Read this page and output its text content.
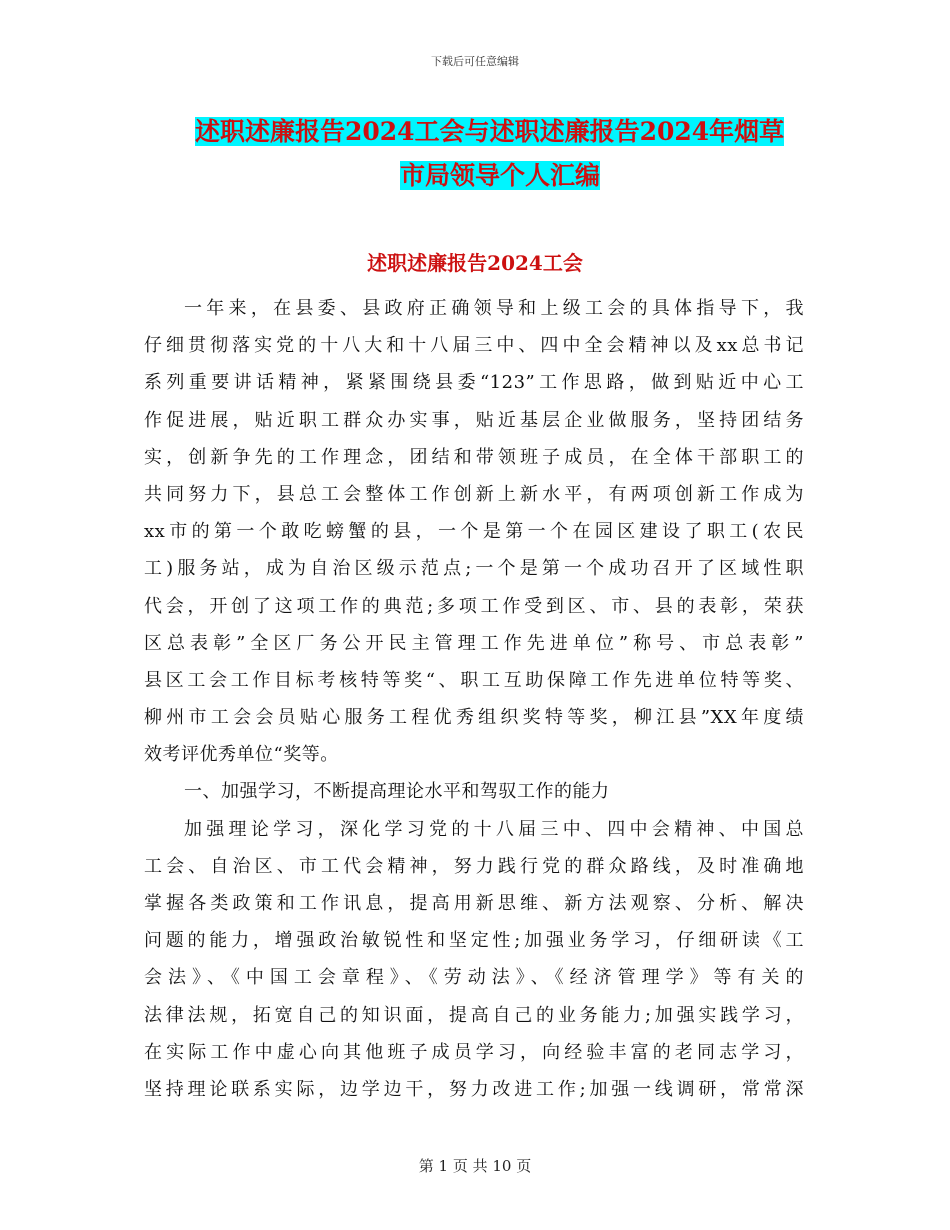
下载后可任意编辑
述职述廉报告2024工会与述职述廉报告2024年烟草
市局领导个人汇编
述职述廉报告2024工会
一年来，在县委、县政府正确领导和上级工会的具体指导下，我
仔细贯彻落实党的十八大和十八届三中、四中全会精神以及xx总书记
系列重要讲话精神，紧紧围绕县委“123”工作思路，做到贴近中心工
作促进展，贴近职工群众办实事，贴近基层企业做服务，坚持团结务
实，创新争先的工作理念，团结和带领班子成员，在全体干部职工的
共同努力下，县总工会整体工作创新上新水平，有两项创新工作成为
xx市的第一个敢吃螃蟹的县，一个是第一个在园区建设了职工(农民
工)服务站，成为自治区级示范点;一个是第一个成功召开了区域性职
代会，开创了这项工作的典范;多项工作受到区、市、县的表彰，荣获
区总表彰”全区厂务公开民主管理工作先进单位”称号、市总表彰”
县区工会工作目标考核特等奖“、职工互助保障工作先进单位特等奖、
柳州市工会会员贴心服务工程优秀组织奖特等奖，柳江县”XX年度绩
效考评优秀单位“奖等。
一、加强学习，不断提高理论水平和驾驭工作的能力
加强理论学习，深化学习党的十八届三中、四中会精神、中国总
工会、自治区、市工代会精神，努力践行党的群众路线，及时准确地
掌握各类政策和工作讯息，提高用新思维、新方法观察、分析、解决
问题的能力，增强政治敏锐性和坚定性;加强业务学习，仔细研读《工
会法》、《中国工会章程》、《劳动法》、《经济管理学》等有关的
法律法规，拓宽自己的知识面，提高自己的业务能力;加强实践学习，
在实际工作中虚心向其他班子成员学习，向经验丰富的老同志学习，
坚持理论联系实际，边学边干，努力改进工作;加强一线调研，常常深
第 1 页 共 10 页
